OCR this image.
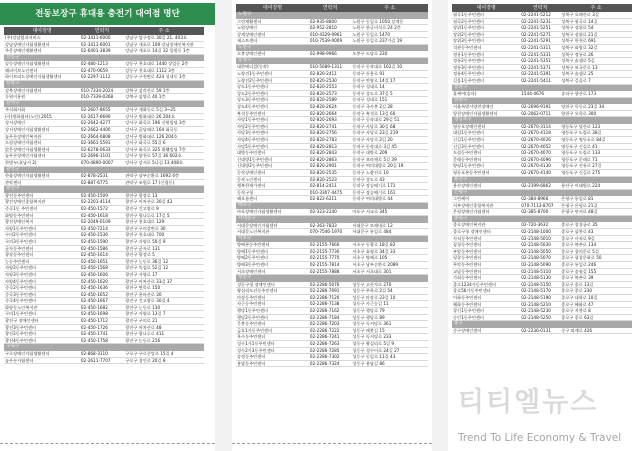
전동보장구 휴대용 충전기 대여점 명단
대여장명	연락처	주 소
(주)강남열쇠서비스	02-3411-6000	강남구 압구정로 30길 21, 403호
강남장애인자립생활센터	02-3411-6001	강남구 개포로 109 강남장애인복지관
주몽장애인재활센터	02-6401-3839	강남구 개포로 14길 32 일원동 1층
강동구
강동장애인자립생활센터	02-480-1213	강동구 천호대로 1440 상일동 2층
해피이브노인센터	02-470-0659	강동구 천호대로 1112 3층
하이브리드장애인자립생활센터	02-2297-1112	강동구 구천면로 424 성내동 1층
강북구
강북장애인자립센터	010-7334-2024	강북구 삼각산로 59 1층
동원이용원	010-7339-0268	강북구 삼양로 40 1층
강서구
주식회사화	02-2607-8655	강서구 개화동로 5길 3~25
(사)방화쉼터(노인) 2015	02-2617-6690	강서구 방화대로 26 204호
강서장애인	02-2642-4277	강서구 화곡로 196 신원빌딩 3층
강서장애인자립생활센터	02-2662-4400	강서구 곰달래로 164 화곡동
늘푸른장애인복지관	02-2664-0808	강서구 방화대로 126 204호
드림장애인자립센터	02-3661-5591	강서구 화곡로 55길 6
맑은장애인자립생활센터	02-6278-0633	강서구 화곡로 325 위웰빌딩 7층
늘푸른장애인자립센터	02-2696-1101	강서구 양천로 57길 36 602호
한빛누나(남서 2)	070-4890-0007	강서구 강서로 5나길 13 408호
관악구
한울장애인자립생활센터	02-878-2531	관악구 남부순환로 1692 4층
관악센터	02-887-6775	관악구 조원로 17 (신림동)
광진구
광진동주민센터	02-450-1509	광진구 광장로 13
광진장애인종합복지관	02-2201-4114	광진구 아차산로 30길 43
중곡1동 주민센터	02-450-1572	광진구 긴고랑로 9
화양동주민센터	02-450-1618	광진구 광나루로 17길 5
광진장애인복지	02-2049-0109	광진구 천호대로 129
자양1동주민센터	02-450-7214	광진구 구의강변로 30
구의2동주민센터	02-450-1536	광진구 천호대로 700
구의3동주민센터	02-450-1590	광진구 자양로 50길 9
군자동주민센터	02-450-1586	광진구 군자로 131
광장동주민센터	02-450-1614	광진구 광장로 5
능동주민센터	02-450-1651	광진구 능동로 36길 12
자양2동주민센터	02-450-1568	광진구 뚝섬로 52길 12
자양3동주민센터	02-450-1606	광진구 자양로 17
자양4동주민센터	02-450-1620	광진구 아차산로 33길 37
중곡2동주민센터	02-450-1636	광진구 면목로 150
중곡3동주민센터	02-450-1652	광진구 용마산로 30
중곡4동주민센터	02-450-1667	광진구 긴고랑로 30길 4
화양동노인복지관	02-450-1682	광진구 능동로 130
구의1동주민센터	02-450-1698	광진구 자양로 13길 7
광진구 장애인센터	02-450-1712	광진구 구의로 21
광진3동주민센터	02-450-1726	광진구 아차산로 48
광진2동주민센터	02-450-1741	광진구 광나루로 411
광진4동주민센터	02-450-1758	광진구 능동로 216
구로구
구로장애인자립생활센터	02-868-3110	구로구 구로중앙로 15길 4
늘푸른자립센터	02-2611-7707	구로구 경인로 20길 8
대여장명	연락처	주 소
노원구
그린재활센터	02-935-8800	노원구 동일로 1050 상계동
노원장애인	02-952-2810	노원구 한글비석로 24 2층
상계장애인센터	010-4329-0961	노원구 동일로 1470
제스트센터	010-7539-0009	노원구 동일로 237가길 19
도봉구
도봉장애인센터	02-998-9966	도봉구 도당로 220
동작구
대한메디컬(동작)	010-5689-1311	동작구 동작대로 162길 10
노량진1동주민센터	02-820-2411	동작구 등용로 91
노량진2동주민센터	02-820-2530	동작구 만양로 14길 17
상도1동주민센터	02-820-2553	동작구 성대로 14
상도2동주민센터	02-820-2573	동작구 상도로 37길 5
상도3동주민센터	02-820-2589	동작구 성대로 151
상도4동주민센터	02-820-2624	동작구 국사봉 2길 28
흑석동주민센터	02-820-2664	동작구 흑석로 13길 60
사당1동주민센터	02-820-2693	동작구 동작대로 29길 51
사당2동주민센터	02-820-2741	동작구 사당로 30길 68
사당3동주민센터	02-820-2756	동작구 사당로 23길 219
사당4동주민센터	02-820-2783	동작구 사당로 2길 20
사당5동주민센터	02-820-2813	동작구 동작대로 3길 45
대방동주민센터	02-820-2843	동작구 대방로 209
신대방1동주민센터	02-820-2863	동작구 보라매로 5길 39
신대방2동주민센터	02-820-2901	동작구 여의대방로 20길 19
동작장애인센터	02-820-2535	동작구 노량진로 10
동작노인센터	02-820-2523	동작구 상도로 43
행복한재가센터	02-814-2411	동작구 장승배기로 171
동작구청	010-3307-4475	동작구 장승배기로 161
해오름센터	02-822-6211	동작구 여의대방로 44
마포구
마포장애인자립생활센터	02-323-2240	마포구 서교로 345
서대문구
서대문장애인자립센터	02-363-7833	서대문구 모래내로 12
서대문노인복지관	070-7546-1970	서대문구 통일로 484
서초구
방배본동주민센터	02-2155-7660	서초구 동광로 18길 82
방배1동주민센터	02-2155-7730	서초구 효령로 34길 33
방배2동주민센터	02-2155-7770	서초구 방배로 105
방배3동주민센터	02-2155-7814	서초구 남부순환로 2089
서초장애인센터	02-2155-7888	서초구 서초대로 301
성동구
성동구청 장애인센터	02-2286-5076	성동구 고산자로 270
왕십리도선동주민센터	02-2286-7091	성동구 무학로 2길 54
마장동주민센터	02-2286-7120	성동구 마장로 23길 10
사근동주민센터	02-2286-7138	성동구 사근동길 11
행당1동주민센터	02-2286-7162	성동구 행당로 79
행당2동주민센터	02-2286-7184	성동구 행당로 89
응봉동주민센터	02-2286-7203	성동구 독서당로 361
금호1가동주민센터	02-2286-7222	성동구 매봉길 15
옥수동주민센터	02-2286-7241	성동구 독서당로 233
성수1가1동주민센터	02-2286-7263	성동구 왕십리로 5길 9
성수2가3동주민센터	02-2286-7285	성동구 성수이로 24길 27
송정동주민센터	02-2286-7302	성동구 동일로 11길 43
용답동주민센터	02-2286-7324	성동구 용답길 86
대여장명	연락처	주 소
월곡1동주민센터	02-2241-5212	성북구 오패산로 3길
월곡2동주민센터	02-2241-5231	성북구 월곡로 14길
장위1동주민센터	02-2241-5251	성북구 장위로 54
장위2동주민센터	02-2241-5271	성북구 장위로 21길
장위3동주민센터	02-2241-5291	성북구 한천로 691
석관동주민센터	02-2241-5311	성북구 화랑로 32길
정릉1동주민센터	02-2241-5331	성북구 정릉로 26
정릉2동주민센터	02-2241-5351	성북구 솔샘로 5길
정릉3동주민센터	02-2241-5371	성북구 보국문로 13
정릉4동주민센터	02-2241-5391	성북구 솔샘로 25
길음1동주민센터	02-2241-5411	성북구 길음로 7
송파구
휴케어(송파)	1544-4676	송파구 양산로 173
양천구
서울특별시양천장애인	02-2696-9191	양천구 목동로 23길 34
양천장애인자립생활센터	02-2062-0711	양천구 오목로 300
영등포구
영등포장애인센터	02-2670-3114	영등포구 당산로 123
대림1동주민센터	02-2670-4118	영등포구 도림로 38길
신길1동주민센터	02-2670-4026	영등포구 영등포로 84길
신길3동주민센터	02-2670-4052	영등포구 신길로 41
도림동주민센터	02-2670-4070	영등포구 도림로 133
문래동주민센터	02-2670-4096	영등포구 문래로 71
양평1동주민센터	02-2670-4130	영등포구 선유로 27길
영등포본동주민센터	02-2670-4140	영등포구 신길로 275
용산구
용산장애인센터	02-2199-6862	용산구 이태원로 224
은평구
그린케어	02-384-8966	은평구 통일로 81
서부장애인종합복지관	070-7113-8707	은평구 은평로 21길
은평장애인자립센터	02-385-8700	은평구 연서로 48길
종로구
종로장애인복지관	02-720-3632	종로구 창경궁로 35
종로구청 장애인센터	02-2148-1000	종로구 삼봉로 43
사직동주민센터	02-2148-5010	종로구 사직로 9길
삼청동주민센터	02-2148-5030	종로구 북촌로 134
부암동주민센터	02-2148-5050	종로구 창의문로 5길
평창동주민센터	02-2148-5070	종로구 평창문화로 50
무악동주민센터	02-2148-5090	종로구 통일로 246
교남동주민센터	02-2148-5110	종로구 송월길 155
가회동주민센터	02-2148-5130	종로구 북촌로 39
종로1234가동주민센터	02-2148-5150	종로구 종로 13길
종로56가동주민센터	02-2148-5170	종로구 종로 230
이화동주민센터	02-2148-5190	종로구 대학로 10길
혜화동주민센터	02-2148-5210	종로구 혜화로 47
창신1동주민센터	02-2148-5230	종로구 지봉로 8
숭인1동주민센터	02-2148-5250	종로구 종로 63길
중구
중구장애인센터	02-2236-0131	중구 퇴계로 426
티티엘뉴스
Trend To Life Economy & Travel
